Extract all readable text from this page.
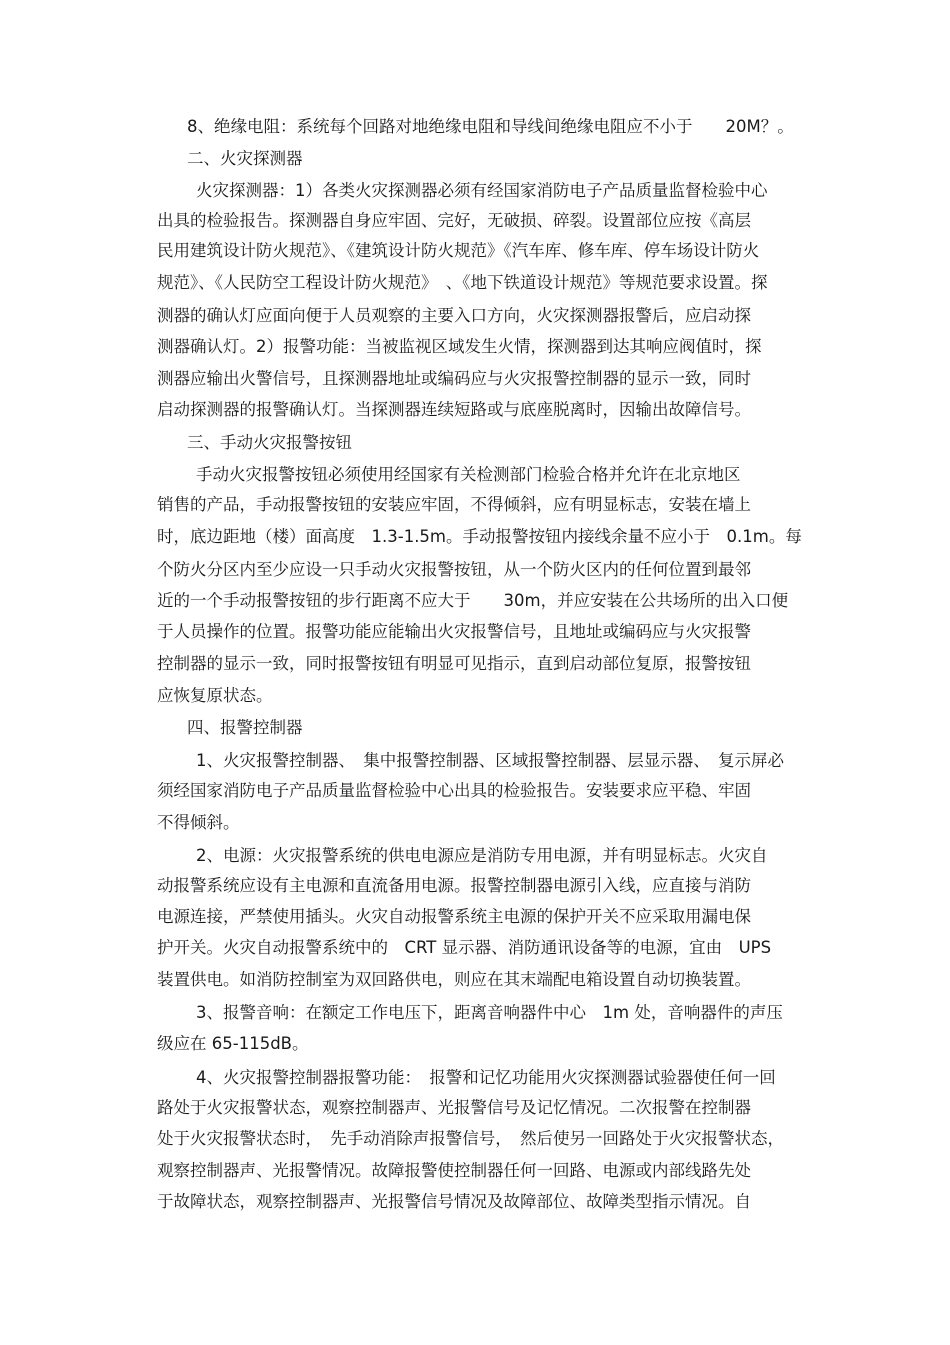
8、绝缘电阻：系统每个回路对地绝缘电阻和导线间绝缘电阻应不小于　　20M？。
二、火灾探测器
火灾探测器：1）各类火灾探测器必须有经国家消防电子产品质量监督检验中心
出具的检验报告。探测器自身应牢固、完好，无破损、碎裂。设置部位应按《高层
民用建筑设计防火规范》、《建筑设计防火规范》《汽车库、修车库、停车场设计防火
规范》、《人民防空工程设计防火规范》　、《地下铁道设计规范》等规范要求设置。探
测器的确认灯应面向便于人员观察的主要入口方向，火灾探测器报警后，应启动探
测器确认灯。2）报警功能：当被监视区域发生火情，探测器到达其响应阀值时，探
测器应输出火警信号，且探测器地址或编码应与火灾报警控制器的显示一致，同时
启动探测器的报警确认灯。当探测器连续短路或与底座脱离时，因输出故障信号。
三、手动火灾报警按钮
手动火灾报警按钮必须使用经国家有关检测部门检验合格并允许在北京地区
销售的产品，手动报警按钮的安装应牢固，不得倾斜，应有明显标志，安装在墙上
时，底边距地（楼）面高度　1.3-1.5m。手动报警按钮内接线余量不应小于　0.1m。每
个防火分区内至少应设一只手动火灾报警按钮，从一个防火区内的任何位置到最邻
近的一个手动报警按钮的步行距离不应大于　　30m，并应安装在公共场所的出入口便
于人员操作的位置。报警功能应能输出火灾报警信号，且地址或编码应与火灾报警
控制器的显示一致，同时报警按钮有明显可见指示，直到启动部位复原，报警按钮
应恢复原状态。
四、报警控制器
1、火灾报警控制器、　集中报警控制器、区域报警控制器、层显示器、　复示屏必
须经国家消防电子产品质量监督检验中心出具的检验报告。安装要求应平稳、牢固
不得倾斜。
2、电源：火灾报警系统的供电电源应是消防专用电源，并有明显标志。火灾自
动报警系统应设有主电源和直流备用电源。报警控制器电源引入线，应直接与消防
电源连接，严禁使用插头。火灾自动报警系统主电源的保护开关不应采取用漏电保
护开关。火灾自动报警系统中的　CRT 显示器、消防通讯设备等的电源，宜由　UPS
装置供电。如消防控制室为双回路供电，则应在其末端配电箱设置自动切换装置。
3、报警音响：在额定工作电压下，距离音响器件中心　1m 处，音响器件的声压
级应在 65-115dB。
4、火灾报警控制器报警功能：　报警和记忆功能用火灾探测器试验器使任何一回
路处于火灾报警状态，观察控制器声、光报警信号及记忆情况。二次报警在控制器
处于火灾报警状态时，　先手动消除声报警信号，　然后使另一回路处于火灾报警状态，
观察控制器声、光报警情况。故障报警使控制器任何一回路、电源或内部线路先处
于故障状态，观察控制器声、光报警信号情况及故障部位、故障类型指示情况。自
